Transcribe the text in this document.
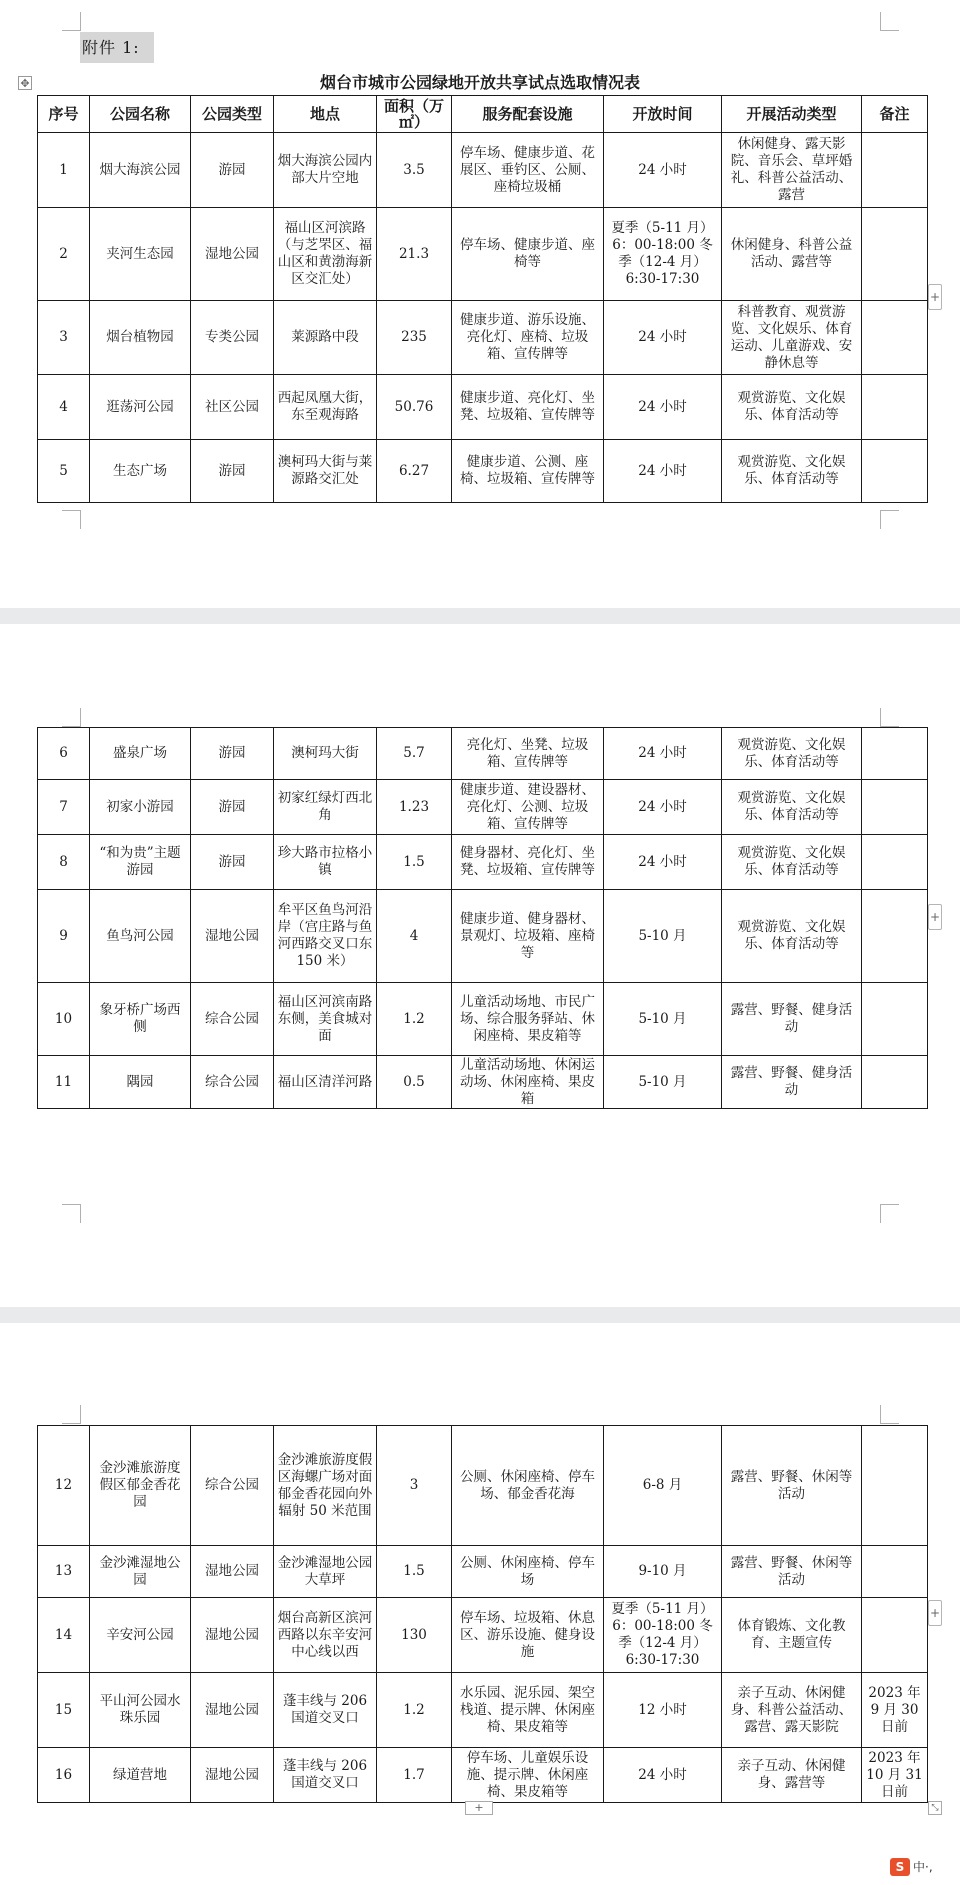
附件 1:
烟台市城市公园绿地开放共享试点选取情况表
✥
序号	公园名称	公园类型	地点	面积（万㎡）	服务配套设施	开放时间	开展活动类型	备注
1	烟大海滨公园	游园	烟大海滨公园内部大片空地	3.5	停车场、健康步道、花展区、垂钓区、公厕、座椅垃圾桶	24 小时	休闲健身、露天影院、音乐会、草坪婚礼、科普公益活动、露营	
2	夹河生态园	湿地公园	福山区河滨路（与芝罘区、福山区和黄渤海新区交汇处）	21.3	停车场、健康步道、座椅等	夏季（5-11 月）6：00-18:00 冬季（12-4 月）6:30-17:30	休闲健身、科普公益活动、露营等	
3	烟台植物园	专类公园	莱源路中段	235	健康步道、游乐设施、亮化灯、座椅、垃圾箱、宣传牌等	24 小时	科普教育、观赏游览、文化娱乐、体育运动、儿童游戏、安静休息等	
4	逛荡河公园	社区公园	西起凤凰大街，东至观海路	50.76	健康步道、亮化灯、坐凳、垃圾箱、宣传牌等	24 小时	观赏游览、文化娱乐、体育活动等	
5	生态广场	游园	澳柯玛大街与莱源路交汇处	6.27	健康步道、公测、座椅、垃圾箱、宣传牌等	24 小时	观赏游览、文化娱乐、体育活动等	
6	盛泉广场	游园	澳柯玛大街	5.7	亮化灯、坐凳、垃圾箱、宣传牌等	24 小时	观赏游览、文化娱乐、体育活动等	
7	初家小游园	游园	初家红绿灯西北角	1.23	健康步道、建设器材、亮化灯、公测、垃圾箱、宣传牌等	24 小时	观赏游览、文化娱乐、体育活动等	
8	“和为贵”主题游园	游园	珍大路市拉格小镇	1.5	健身器材、亮化灯、坐凳、垃圾箱、宣传牌等	24 小时	观赏游览、文化娱乐、体育活动等	
9	鱼鸟河公园	湿地公园	牟平区鱼鸟河沿岸（宫庄路与鱼河西路交叉口东 150 米）	4	健康步道、健身器材、景观灯、垃圾箱、座椅等	5-10 月	观赏游览、文化娱乐、体育活动等	
10	象牙桥广场西侧	综合公园	福山区河滨南路东侧，美食城对面	1.2	儿童活动场地、市民广场、综合服务驿站、休闲座椅、果皮箱等	5-10 月	露营、野餐、健身活动	
11	隅园	综合公园	福山区清洋河路	0.5	儿童活动场地、休闲运动场、休闲座椅、果皮箱	5-10 月	露营、野餐、健身活动	
12	金沙滩旅游度假区郁金香花园	综合公园	金沙滩旅游度假区海螺广场对面郁金香花园向外辐射 50 米范围	3	公厕、休闲座椅、停车场、郁金香花海	6-8 月	露营、野餐、休闲等活动	
13	金沙滩湿地公园	湿地公园	金沙滩湿地公园大草坪	1.5	公厕、休闲座椅、停车场	9-10 月	露营、野餐、休闲等活动	
14	辛安河公园	湿地公园	烟台高新区滨河西路以东辛安河中心线以西	130	停车场、垃圾箱、休息区、游乐设施、健身设施	夏季（5-11 月）6：00-18:00 冬季（12-4 月）6:30-17:30	体育锻炼、文化教育、主题宣传	
15	平山河公园水珠乐园	湿地公园	蓬丰线与 206 国道交叉口	1.2	水乐园、泥乐园、架空栈道、提示牌、休闲座椅、果皮箱等	12 小时	亲子互动、休闲健身、科普公益活动、露营、露天影院	2023 年 9 月 30 日前
16	绿道营地	湿地公园	蓬丰线与 206 国道交叉口	1.7	停车场、儿童娱乐设施、提示牌、休闲座椅、果皮箱等	24 小时	亲子互动、休闲健身、露营等	2023 年 10 月 31 日前
+
+
+
+	⤡
S 中·,
